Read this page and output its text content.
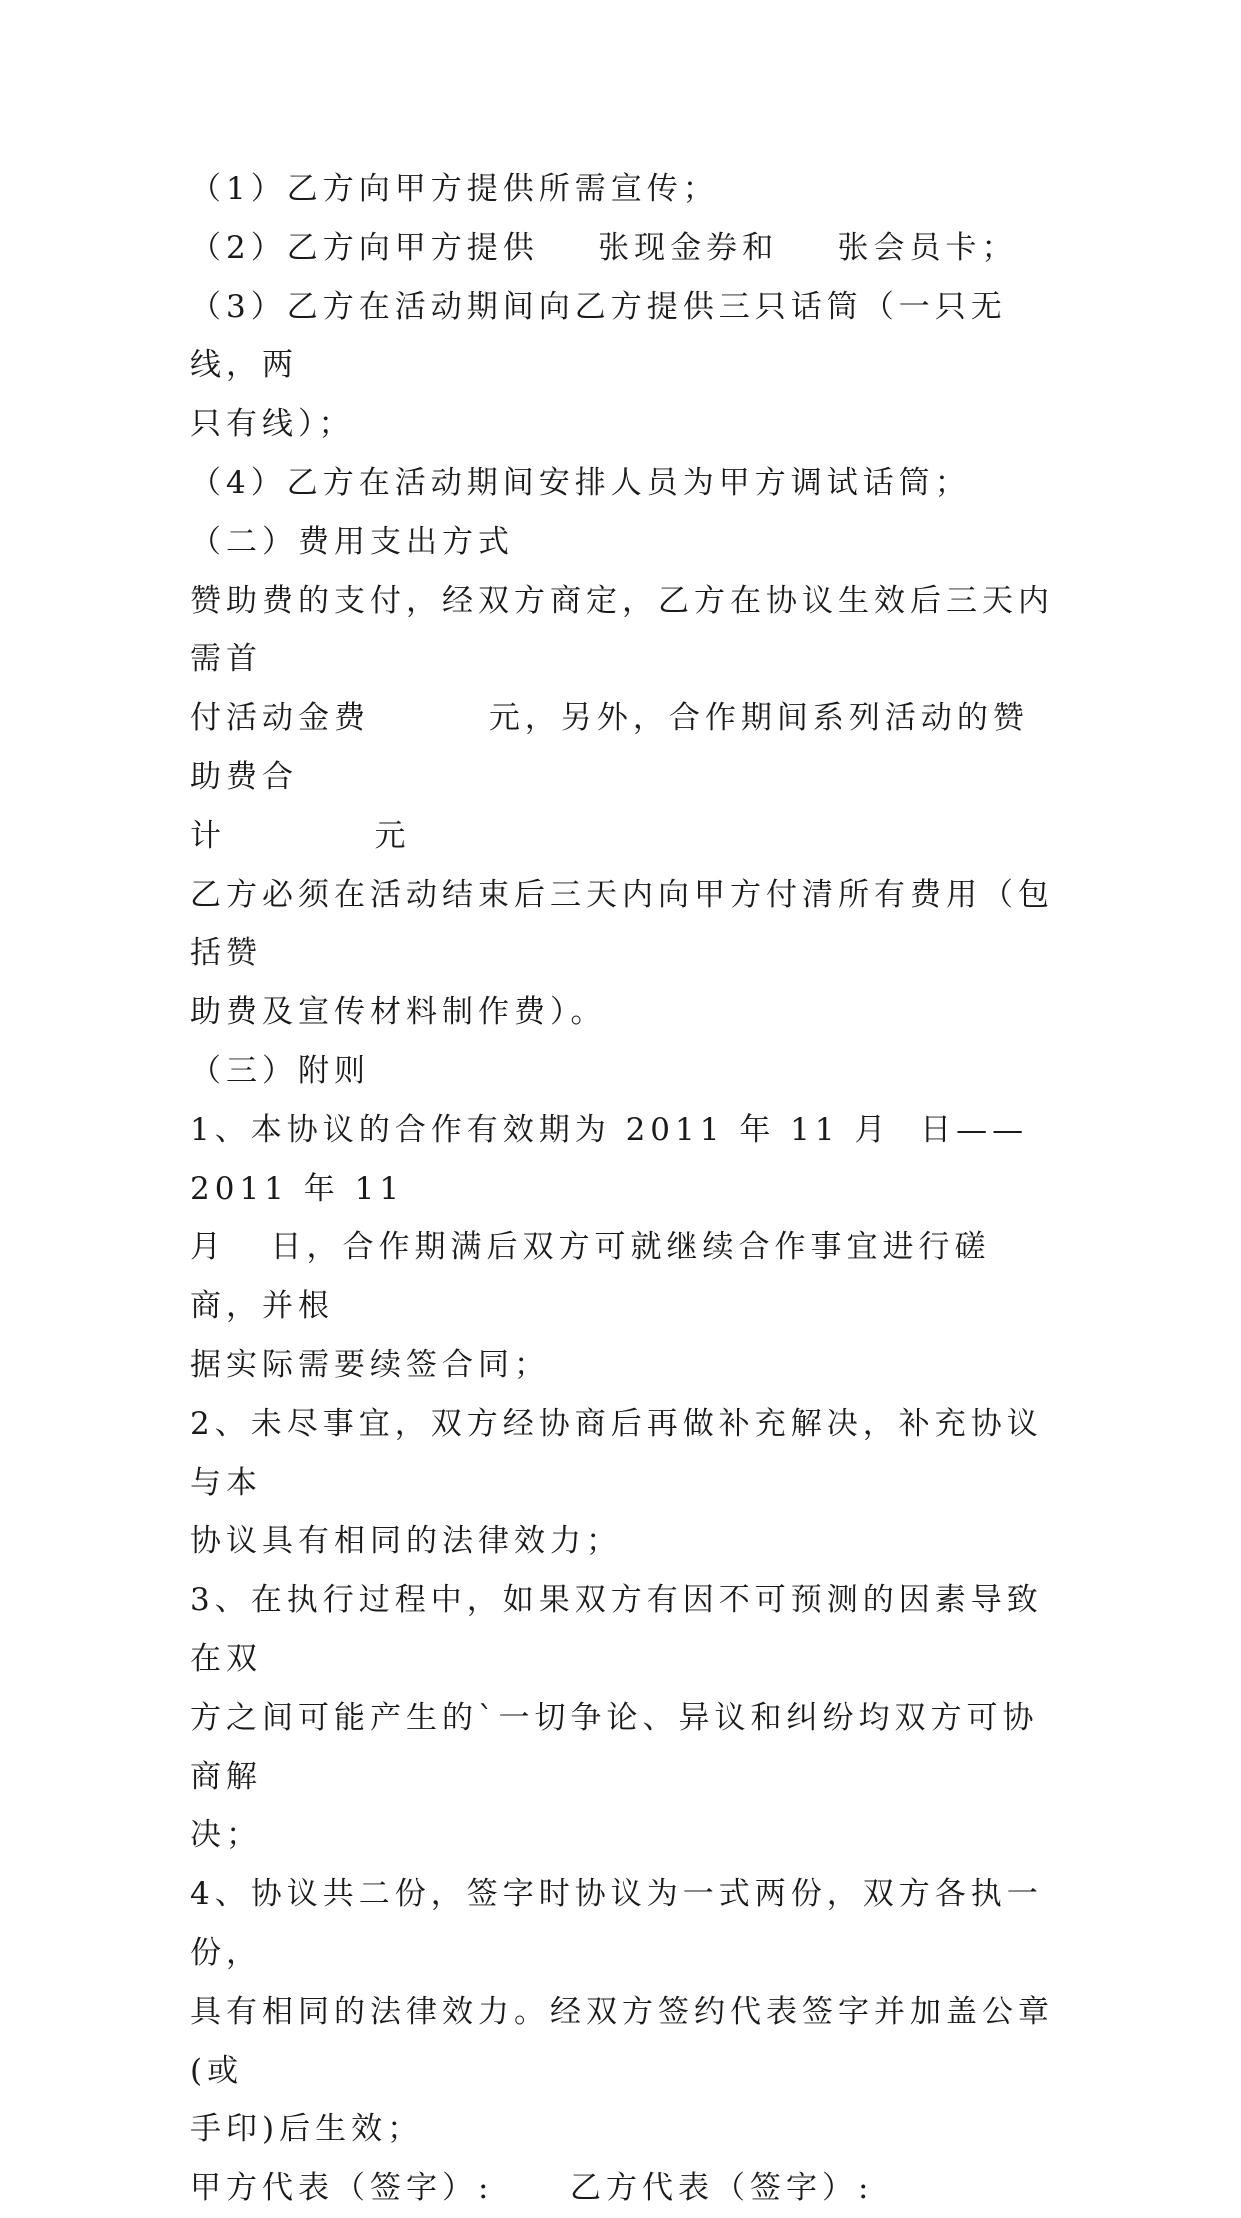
（1）乙方向甲方提供所需宣传；

（2）乙方向甲方提供    张现金券和    张会员卡；

（3）乙方在活动期间向乙方提供三只话筒（一只无线，两

只有线）；

（4）乙方在活动期间安排人员为甲方调试话筒；

（二）费用支出方式

赞助费的支付，经双方商定，乙方在协议生效后三天内需首

付活动金费        元，另外，合作期间系列活动的赞助费合

计          元

乙方必须在活动结束后三天内向甲方付清所有费用（包括赞

助费及宣传材料制作费）。

（三）附则

1、本协议的合作有效期为 2011 年 11 月  日——2011 年 11

月   日，合作期满后双方可就继续合作事宜进行磋商，并根

据实际需要续签合同；

2、未尽事宜，双方经协商后再做补充解决，补充协议与本

协议具有相同的法律效力；

3、在执行过程中，如果双方有因不可预测的因素导致在双

方之间可能产生的`一切争论、异议和纠纷均双方可协商解

决；

4、协议共二份，签字时协议为一式两份，双方各执一份，

具有相同的法律效力。经双方签约代表签字并加盖公章(或

手印)后生效；

甲方代表（签字）:	乙方代表（签字）:
